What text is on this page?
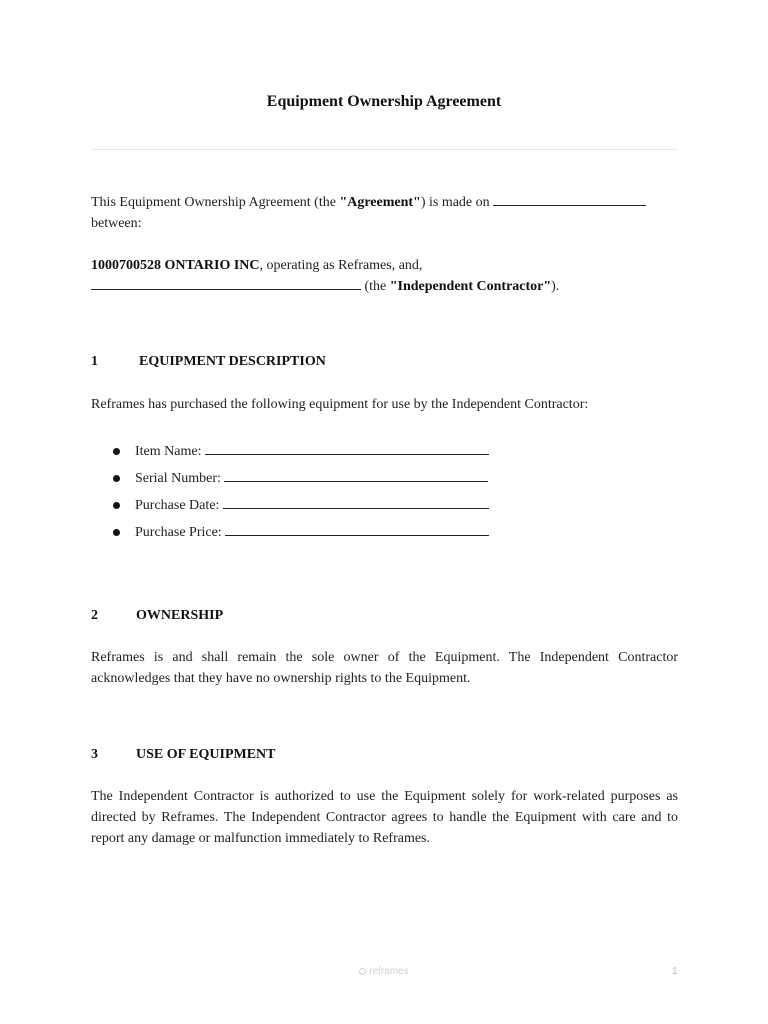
Equipment Ownership Agreement
This Equipment Ownership Agreement (the "Agreement") is made on
between:
1000700528 ONTARIO INC, operating as Reframes, and,
(the "Independent Contractor").
1	EQUIPMENT DESCRIPTION
Reframes has purchased the following equipment for use by the Independent Contractor:
Item Name:
Serial Number:
Purchase Date:
Purchase Price:
2	OWNERSHIP
Reframes is and shall remain the sole owner of the Equipment. The Independent Contractor acknowledges that they have no ownership rights to the Equipment.
3	USE OF EQUIPMENT
The Independent Contractor is authorized to use the Equipment solely for work-related purposes as directed by Reframes. The Independent Contractor agrees to handle the Equipment with care and to report any damage or malfunction immediately to Reframes.
reframes	1
